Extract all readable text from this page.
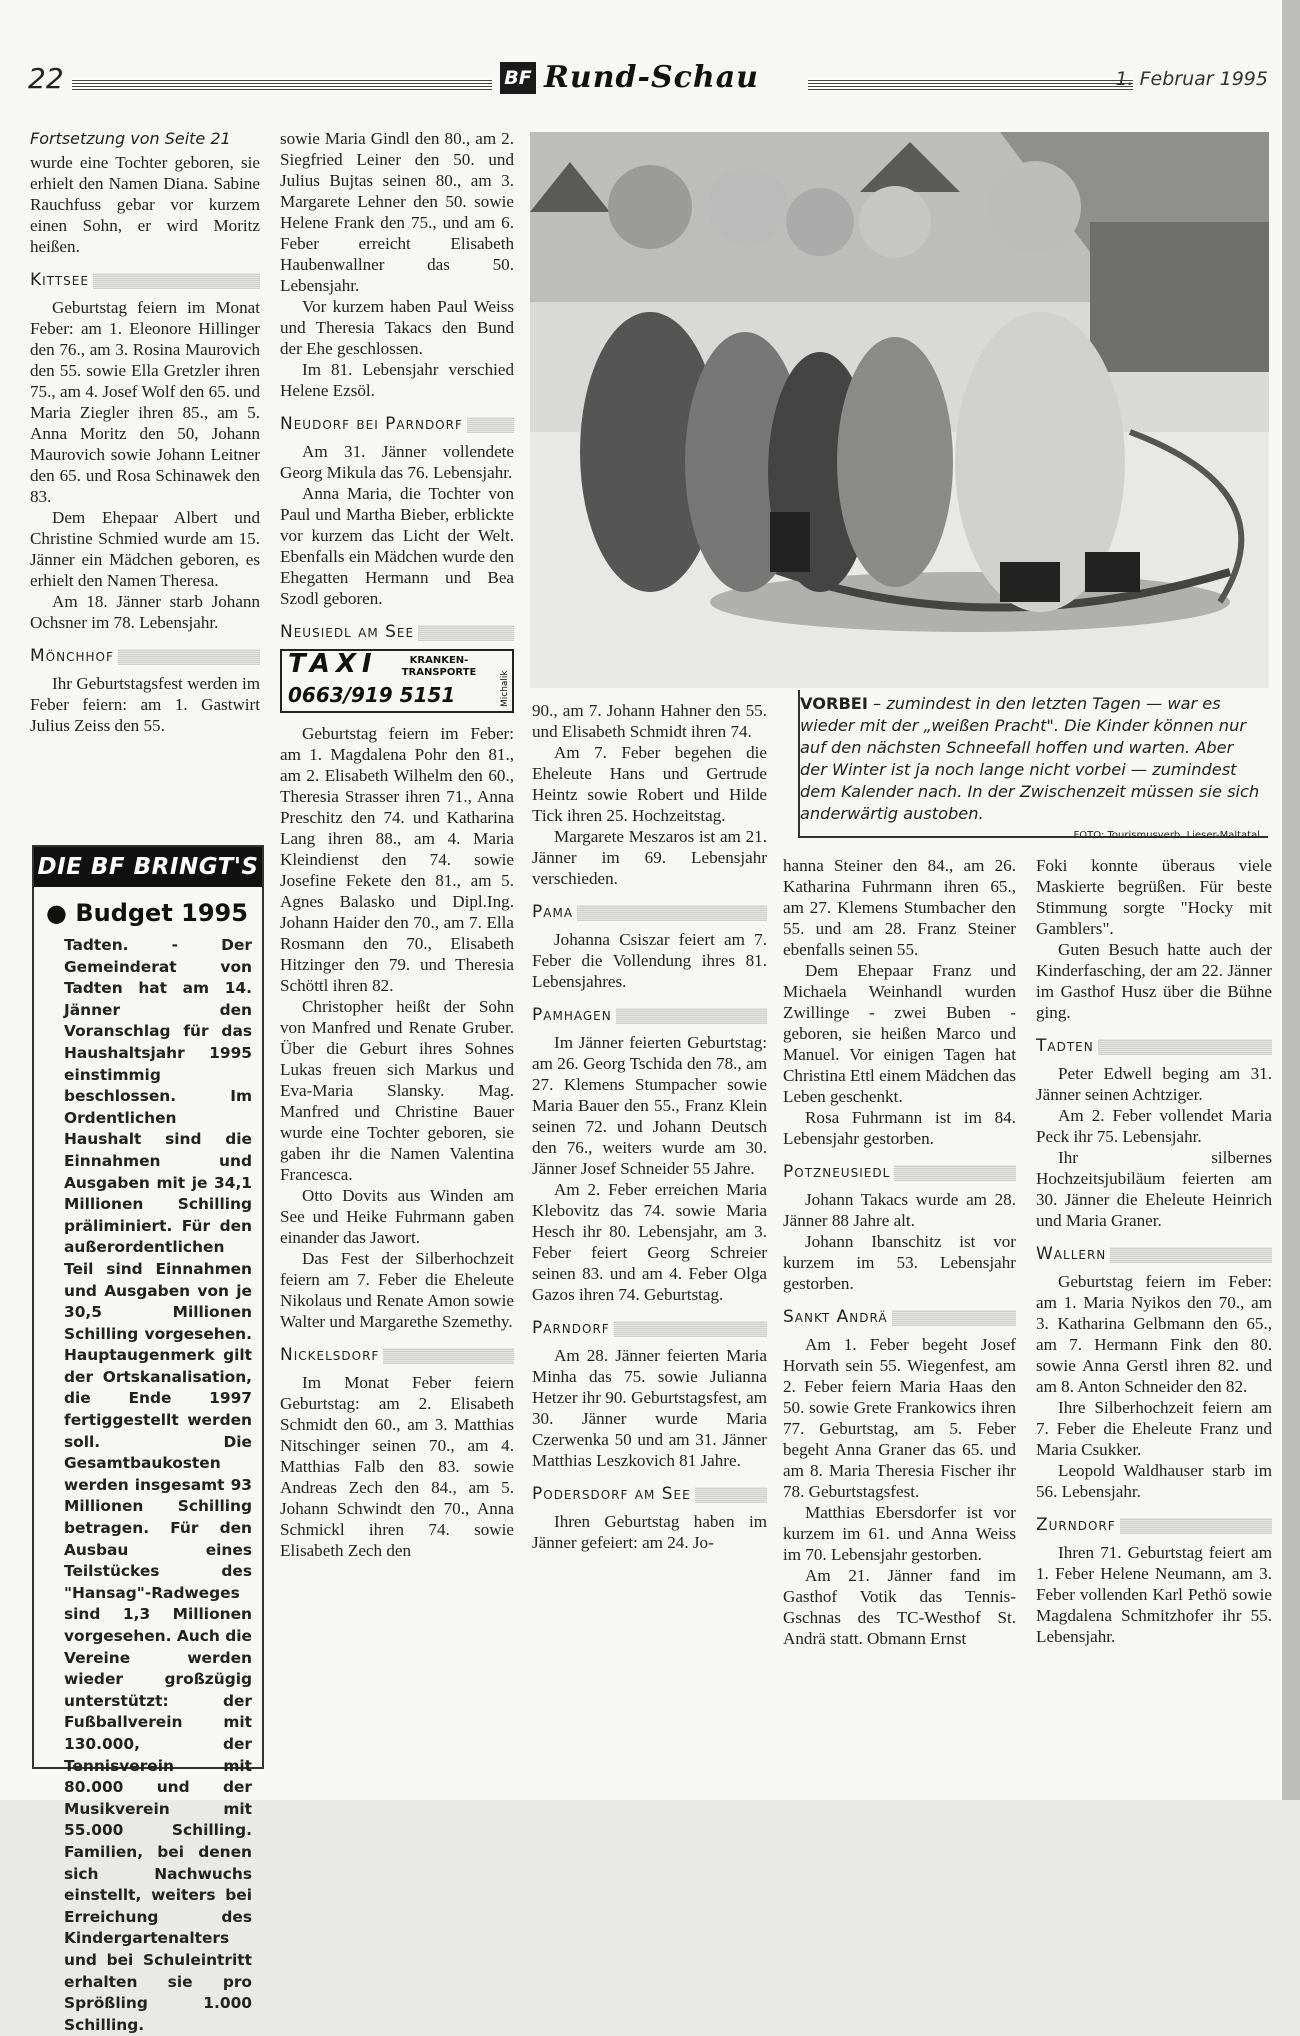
22	BF Rund-Schau	1. Februar 1995

Fortsetzung von Seite 21

wurde eine Tochter geboren, sie erhielt den Namen Diana. Sabine Rauchfuss gebar vor kurzem einen Sohn, er wird Moritz heißen.

Kittsee

Geburtstag feiern im Monat Feber: am 1. Eleonore Hillinger den 76., am 3. Rosina Maurovich den 55. sowie Ella Gretzler ihren 75., am 4. Josef Wolf den 65. und Maria Ziegler ihren 85., am 5. Anna Moritz den 50, Johann Maurovich sowie Johann Leitner den 65. und Rosa Schinawek den 83.

Dem Ehepaar Albert und Christine Schmied wurde am 15. Jänner ein Mädchen geboren, es erhielt den Namen Theresa.

Am 18. Jänner starb Johann Ochsner im 78. Lebensjahr.

Mönchhof

Ihr Geburtstagsfest werden im Feber feiern: am 1. Gastwirt Julius Zeiss den 55.

DIE BF BRINGT'S
● Budget 1995
Tadten. - Der Gemeinderat von Tadten hat am 14. Jänner den Voranschlag für das Haushaltsjahr 1995 einstimmig beschlossen. Im Ordentlichen Haushalt sind die Einnahmen und Ausgaben mit je 34,1 Millionen Schilling präliminiert. Für den außerordentlichen Teil sind Einnahmen und Ausgaben von je 30,5 Millionen Schilling vorgesehen. Hauptaugenmerk gilt der Ortskanalisation, die Ende 1997 fertiggestellt werden soll. Die Gesamtbaukosten werden insgesamt 93 Millionen Schilling betragen. Für den Ausbau eines Teilstückes des "Hansag"-Radweges sind 1,3 Millionen vorgesehen. Auch die Vereine werden wieder großzügig unterstützt: der Fußballverein mit 130.000, der Tennisverein mit 80.000 und der Musikverein mit 55.000 Schilling. Familien, bei denen sich Nachwuchs einstellt, weiters bei Erreichung des Kindergartenalters und bei Schuleintritt erhalten sie pro Sprößling 1.000 Schilling.

sowie Maria Gindl den 80., am 2. Siegfried Leiner den 50. und Julius Bujtas seinen 80., am 3. Margarete Lehner den 50. sowie Helene Frank den 75., und am 6. Feber erreicht Elisabeth Haubenwallner das 50. Lebensjahr.

Vor kurzem haben Paul Weiss und Theresia Takacs den Bund der Ehe geschlossen.

Im 81. Lebensjahr verschied Helene Ezsöl.

Neudorf bei Parndorf

Am 31. Jänner vollendete Georg Mikula das 76. Lebensjahr.

Anna Maria, die Tochter von Paul und Martha Bieber, erblickte vor kurzem das Licht der Welt. Ebenfalls ein Mädchen wurde den Ehegatten Hermann und Bea Szodl geboren.

Neusiedl am See
TAXI	KRANKEN- TRANSPORTE
0663/919 5151	Michalik

Geburtstag feiern im Feber: am 1. Magdalena Pohr den 81., am 2. Elisabeth Wilhelm den 60., Theresia Strasser ihren 71., Anna Preschitz den 74. und Katharina Lang ihren 88., am 4. Maria Kleindienst den 74. sowie Josefine Fekete den 81., am 5. Agnes Balasko und Dipl.Ing. Johann Haider den 70., am 7. Ella Rosmann den 70., Elisabeth Hitzinger den 79. und Theresia Schöttl ihren 82.

Christopher heißt der Sohn von Manfred und Renate Gruber. Über die Geburt ihres Sohnes Lukas freuen sich Markus und Eva-Maria Slansky. Mag. Manfred und Christine Bauer wurde eine Tochter geboren, sie gaben ihr die Namen Valentina Francesca.

Otto Dovits aus Winden am See und Heike Fuhrmann gaben einander das Jawort.

Das Fest der Silberhochzeit feiern am 7. Feber die Eheleute Nikolaus und Renate Amon sowie Walter und Margarethe Szemethy.

Nickelsdorf

Im Monat Feber feiern Geburtstag: am 2. Elisabeth Schmidt den 60., am 3. Matthias Nitschinger seinen 70., am 4. Matthias Falb den 83. sowie Andreas Zech den 84., am 5. Johann Schwindt den 70., Anna Schmickl ihren 74. sowie Elisabeth Zech den

VORBEI – zumindest in den letzten Tagen — war es wieder mit der „weißen Pracht". Die Kinder können nur auf den nächsten Schneefall hoffen und warten. Aber der Winter ist ja noch lange nicht vorbei — zumindest dem Kalender nach. In der Zwischenzeit müssen sie sich anderwärtig austoben.
FOTO: Tourismusverb. Lieser-Maltatal

90., am 7. Johann Hahner den 55. und Elisabeth Schmidt ihren 74.

Am 7. Feber begehen die Eheleute Hans und Gertrude Heintz sowie Robert und Hilde Tick ihren 25. Hochzeitstag.

Margarete Meszaros ist am 21. Jänner im 69. Lebensjahr verschieden.

Pama

Johanna Csiszar feiert am 7. Feber die Vollendung ihres 81. Lebensjahres.

Pamhagen

Im Jänner feierten Geburtstag: am 26. Georg Tschida den 78., am 27. Klemens Stumpacher sowie Maria Bauer den 55., Franz Klein seinen 72. und Johann Deutsch den 76., weiters wurde am 30. Jänner Josef Schneider 55 Jahre.

Am 2. Feber erreichen Maria Klebovitz das 74. sowie Maria Hesch ihr 80. Lebensjahr, am 3. Feber feiert Georg Schreier seinen 83. und am 4. Feber Olga Gazos ihren 74. Geburtstag.

Parndorf

Am 28. Jänner feierten Maria Minha das 75. sowie Julianna Hetzer ihr 90. Geburtstagsfest, am 30. Jänner wurde Maria Czerwenka 50 und am 31. Jänner Matthias Leszkovich 81 Jahre.

Podersdorf am See

Ihren Geburtstag haben im Jänner gefeiert: am 24. Jo-

hanna Steiner den 84., am 26. Katharina Fuhrmann ihren 65., am 27. Klemens Stumbacher den 55. und am 28. Franz Steiner ebenfalls seinen 55.

Dem Ehepaar Franz und Michaela Weinhandl wurden Zwillinge - zwei Buben - geboren, sie heißen Marco und Manuel. Vor einigen Tagen hat Christina Ettl einem Mädchen das Leben geschenkt.

Rosa Fuhrmann ist im 84. Lebensjahr gestorben.

Potzneusiedl

Johann Takacs wurde am 28. Jänner 88 Jahre alt.

Johann Ibanschitz ist vor kurzem im 53. Lebensjahr gestorben.

Sankt Andrä

Am 1. Feber begeht Josef Horvath sein 55. Wiegenfest, am 2. Feber feiern Maria Haas den 50. sowie Grete Frankowics ihren 77. Geburtstag, am 5. Feber begeht Anna Graner das 65. und am 8. Maria Theresia Fischer ihr 78. Geburtstagsfest.

Matthias Ebersdorfer ist vor kurzem im 61. und Anna Weiss im 70. Lebensjahr gestorben.

Am 21. Jänner fand im Gasthof Votik das Tennis-Gschnas des TC-Westhof St. Andrä statt. Obmann Ernst

Foki konnte überaus viele Maskierte begrüßen. Für beste Stimmung sorgte "Hocky mit Gamblers".

Guten Besuch hatte auch der Kinderfasching, der am 22. Jänner im Gasthof Husz über die Bühne ging.

Tadten

Peter Edwell beging am 31. Jänner seinen Achtziger.

Am 2. Feber vollendet Maria Peck ihr 75. Lebensjahr.

Ihr silbernes Hochzeitsjubiläum feierten am 30. Jänner die Eheleute Heinrich und Maria Graner.

Wallern

Geburtstag feiern im Feber: am 1. Maria Nyikos den 70., am 3. Katharina Gelbmann den 65., am 7. Hermann Fink den 80. sowie Anna Gerstl ihren 82. und am 8. Anton Schneider den 82.

Ihre Silberhochzeit feiern am 7. Feber die Eheleute Franz und Maria Csukker.

Leopold Waldhauser starb im 56. Lebensjahr.

Zurndorf

Ihren 71. Geburtstag feiert am 1. Feber Helene Neumann, am 3. Feber vollenden Karl Pethö sowie Magdalena Schmitzhofer ihr 55. Lebensjahr.
